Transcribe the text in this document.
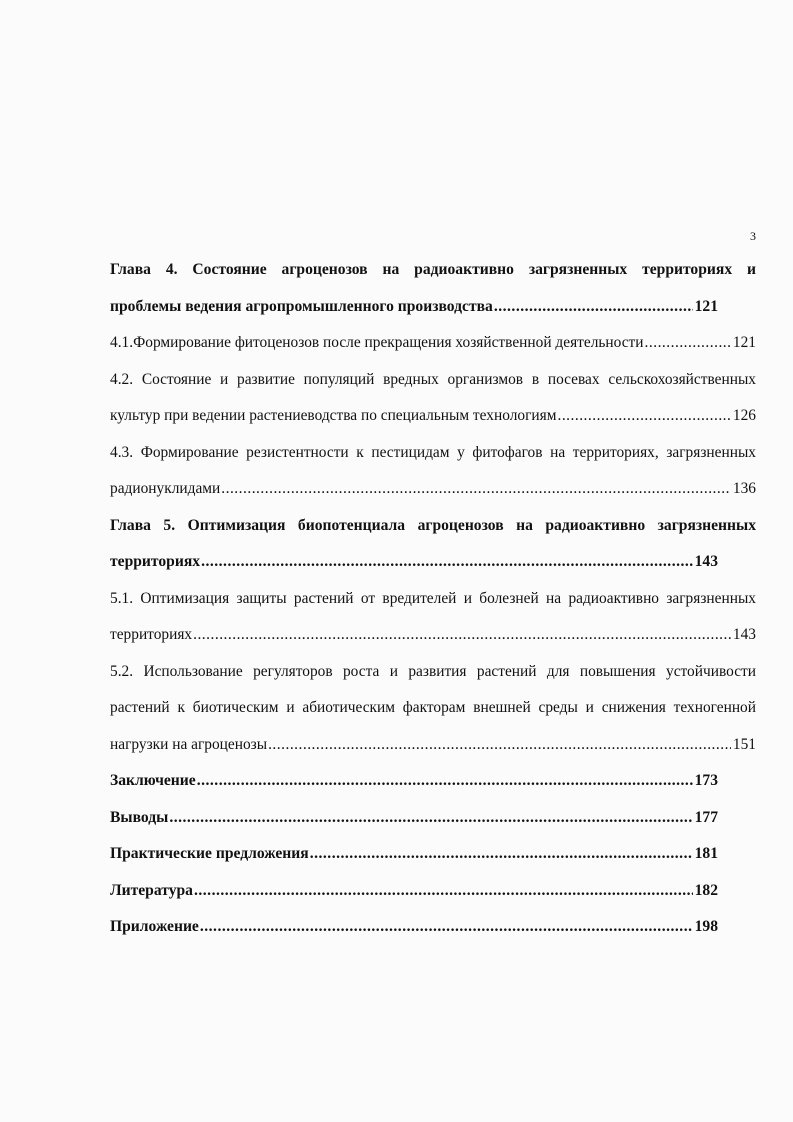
3
Глава 4. Состояние агроценозов на радиоактивно загрязненных территориях и
проблемы ведения агропромышленного производства .....	121
4.1.Формирование фитоценозов после прекращения хозяйственной деятельности .....	121
4.2. Состояние и развитие популяций вредных организмов в посевах сельскохозяйственных
культур при ведении растениеводства по специальным технологиям .....	126
4.3. Формирование резистентности к пестицидам у фитофагов на территориях, загрязненных
радионуклидами .....	136
Глава 5. Оптимизация биопотенциала агроценозов на радиоактивно загрязненных
территориях .....	143
5.1. Оптимизация защиты растений от вредителей и болезней на радиоактивно загрязненных
территориях .....	143
5.2. Использование регуляторов роста и развития растений для повышения устойчивости
растений к биотическим и абиотическим факторам внешней среды и снижения техногенной
нагрузки на агроценозы .....	151
Заключение .....	173
Выводы .....	177
Практические предложения .....	181
Литература .....	182
Приложение .....	198
